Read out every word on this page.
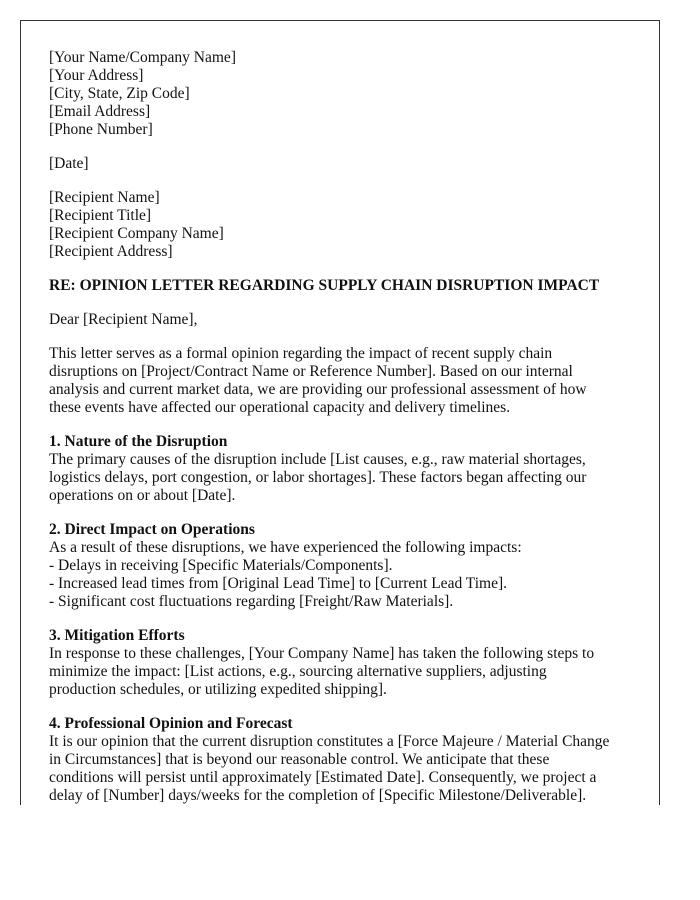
[Your Name/Company Name]
[Your Address]
[City, State, Zip Code]
[Email Address]
[Phone Number]
[Date]
[Recipient Name]
[Recipient Title]
[Recipient Company Name]
[Recipient Address]
RE: OPINION LETTER REGARDING SUPPLY CHAIN DISRUPTION IMPACT
Dear [Recipient Name],
This letter serves as a formal opinion regarding the impact of recent supply chain
disruptions on [Project/Contract Name or Reference Number]. Based on our internal
analysis and current market data, we are providing our professional assessment of how
these events have affected our operational capacity and delivery timelines.
1. Nature of the Disruption
The primary causes of the disruption include [List causes, e.g., raw material shortages,
logistics delays, port congestion, or labor shortages]. These factors began affecting our
operations on or about [Date].
2. Direct Impact on Operations
As a result of these disruptions, we have experienced the following impacts:
- Delays in receiving [Specific Materials/Components].
- Increased lead times from [Original Lead Time] to [Current Lead Time].
- Significant cost fluctuations regarding [Freight/Raw Materials].
3. Mitigation Efforts
In response to these challenges, [Your Company Name] has taken the following steps to
minimize the impact: [List actions, e.g., sourcing alternative suppliers, adjusting
production schedules, or utilizing expedited shipping].
4. Professional Opinion and Forecast
It is our opinion that the current disruption constitutes a [Force Majeure / Material Change
in Circumstances] that is beyond our reasonable control. We anticipate that these
conditions will persist until approximately [Estimated Date]. Consequently, we project a
delay of [Number] days/weeks for the completion of [Specific Milestone/Deliverable].
